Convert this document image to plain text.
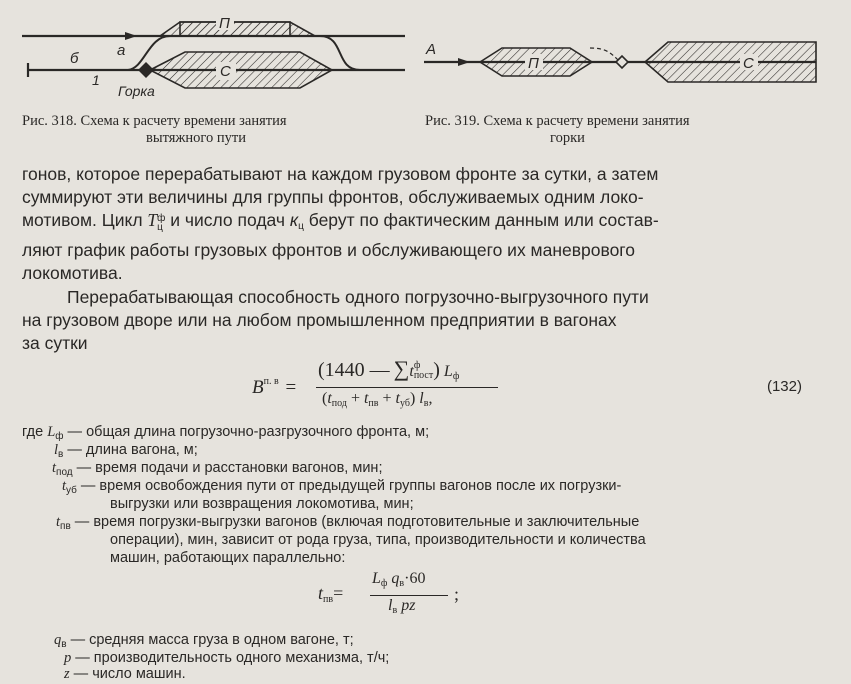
П
б	а
1	С
Горка
Рис. 318. Схема к расчету времени занятия
вытяжного пути
А
П	С
Рис. 319. Схема к расчету времени занятия
горки

гонов, которое перерабатывают на каждом грузовом фронте за сутки, а затем
суммируют эти величины для группы фронтов, обслуживаемых одним локо-
мотивом. Цикл T ф
ц и число подач $к_ц$ берут по фактическим данным или состав-
ляют график работы грузовых фронтов и обслуживающего их маневрового
локомотива.

Перерабатывающая способность одного погрузочно-выгрузочного пути
на грузовом дворе или на любом промышленном предприятии в вагонах
за сутки

$B^{п. в}$ =
(1440 — ∑t ф
пост ) $L_ф$
$(t_{под} + t_{пв} + t_{уб})$ $l_в$,
(132)
где $L_ф$ — общая длина погрузочно-разгрузочного фронта, м;
$l_в$ — длина вагона, м;
$t_{под}$ — время подачи и расстановки вагонов, мин;
$t_{уб}$ — время освобождения пути от предыдущей группы вагонов после их погрузки-
выгрузки или возвращения локомотива, мин;
$t_{пв}$ — время погрузки-выгрузки вагонов (включая подготовительные и заключительные
операции), мин, зависит от рода груза, типа, производительности и количества
машин, работающих параллельно:
$t_{пв}=$
$L_ф$ $q_в\cdot 60$
$l_в$ pz
;
$q_в$ — средняя масса груза в одном вагоне, т;
p — производительность одного механизма, т/ч;
z — число машин.
